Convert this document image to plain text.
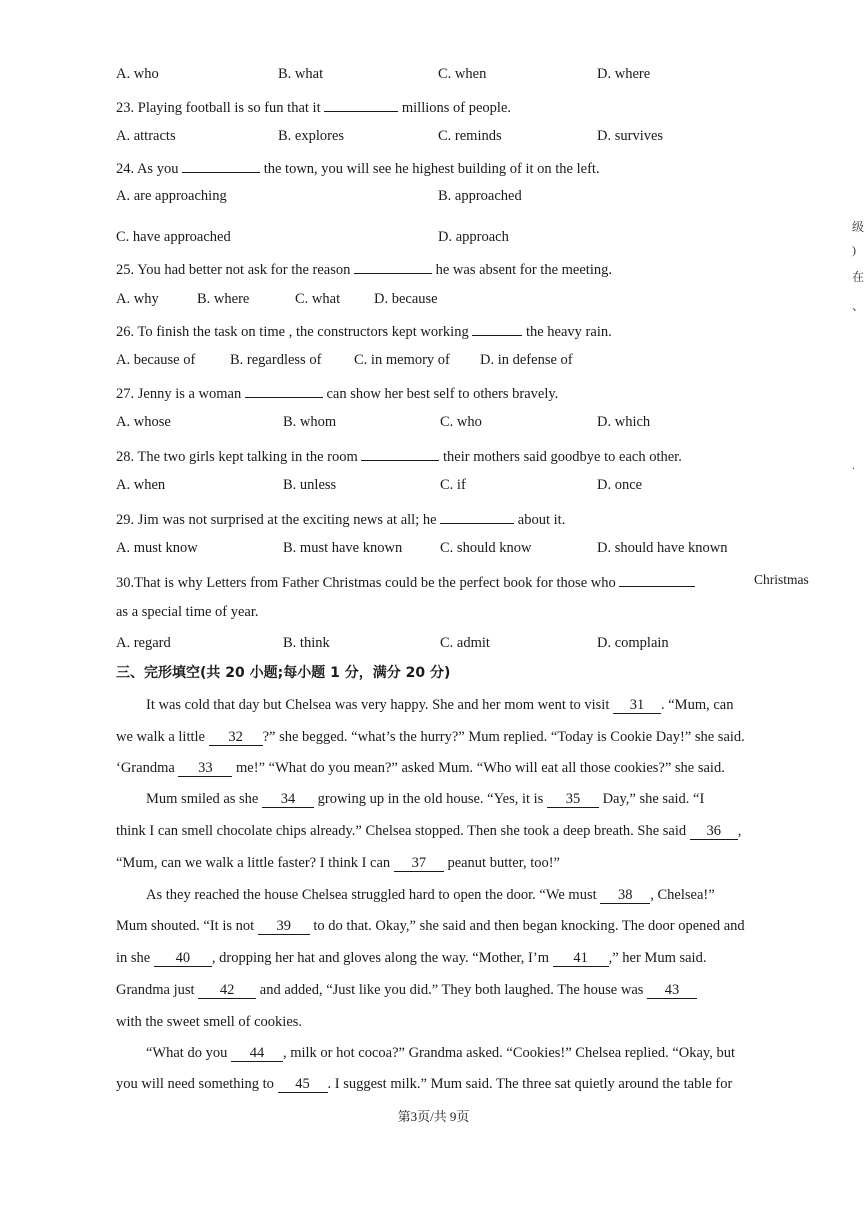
A. who	B. what	C. when	D. where
23. Playing football is so fun that it	millions of people.
A. attracts	B. explores	C. reminds	D. survives
24. As you	the town, you will see he highest building of it on the left.
A. are approaching	B. approached
C. have approached	D. approach
25. You had better not ask for the reason	he was absent for the meeting.
A. why	B. where	C. what D. because
26. To finish the task on time , the constructors kept working	the heavy rain.
A. because of B. regardless of C. in memory of D. in defense of
27. Jenny is a woman	can show her best self to others bravely.
A. whose	B. whom	C. who	D. which
28. The two girls kept talking in the room	their mothers said goodbye to each other.
A. when	B. unless	C. if	D. once
29. Jim was not surprised at the exciting news at all; he	about it.
A. must know	B. must have known	C. should know	D. should have known
30.That is why Letters from Father Christmas could be the perfect book for those who	Christmas
as a special time of year.
A. regard	B. think	C. admit	D. complain
三、完形填空(共 20 小题;每小题 1 分，满分 20 分)
It was cold that day but Chelsea was very happy. She and her mom went to visit 31 . “Mum, can
we walk a little 32 ?” she begged. “what’s the hurry?” Mum replied. “Today is Cookie Day!” she said.
‘Grandma 33 me!” “What do you mean?” asked Mum. “Who will eat all those cookies?” she said.
Mum smiled as she 34 growing up in the old house. “Yes, it is 35 Day,” she said. “I
think I can smell chocolate chips already.” Chelsea stopped. Then she took a deep breath. She said 36 ,
“Mum, can we walk a little faster? I think I can 37 peanut butter, too!”
As they reached the house Chelsea struggled hard to open the door. “We must 38 , Chelsea!”
Mum shouted. “It is not 39 to do that. Okay,” she said and then began knocking. The door opened and
in she 40 , dropping her hat and gloves along the way. “Mother, I’m 41 ,” her Mum said.
Grandma just 42 and added, “Just like you did.” They both laughed. The house was 43
with the sweet smell of cookies.
“What do you 44 , milk or hot cocoa?” Grandma asked. “Cookies!” Chelsea replied. “Okay, but
you will need something to 45 . I suggest milk.” Mum said. The three sat quietly around the table for
第3页/共 9页
级
)
在
、
.
